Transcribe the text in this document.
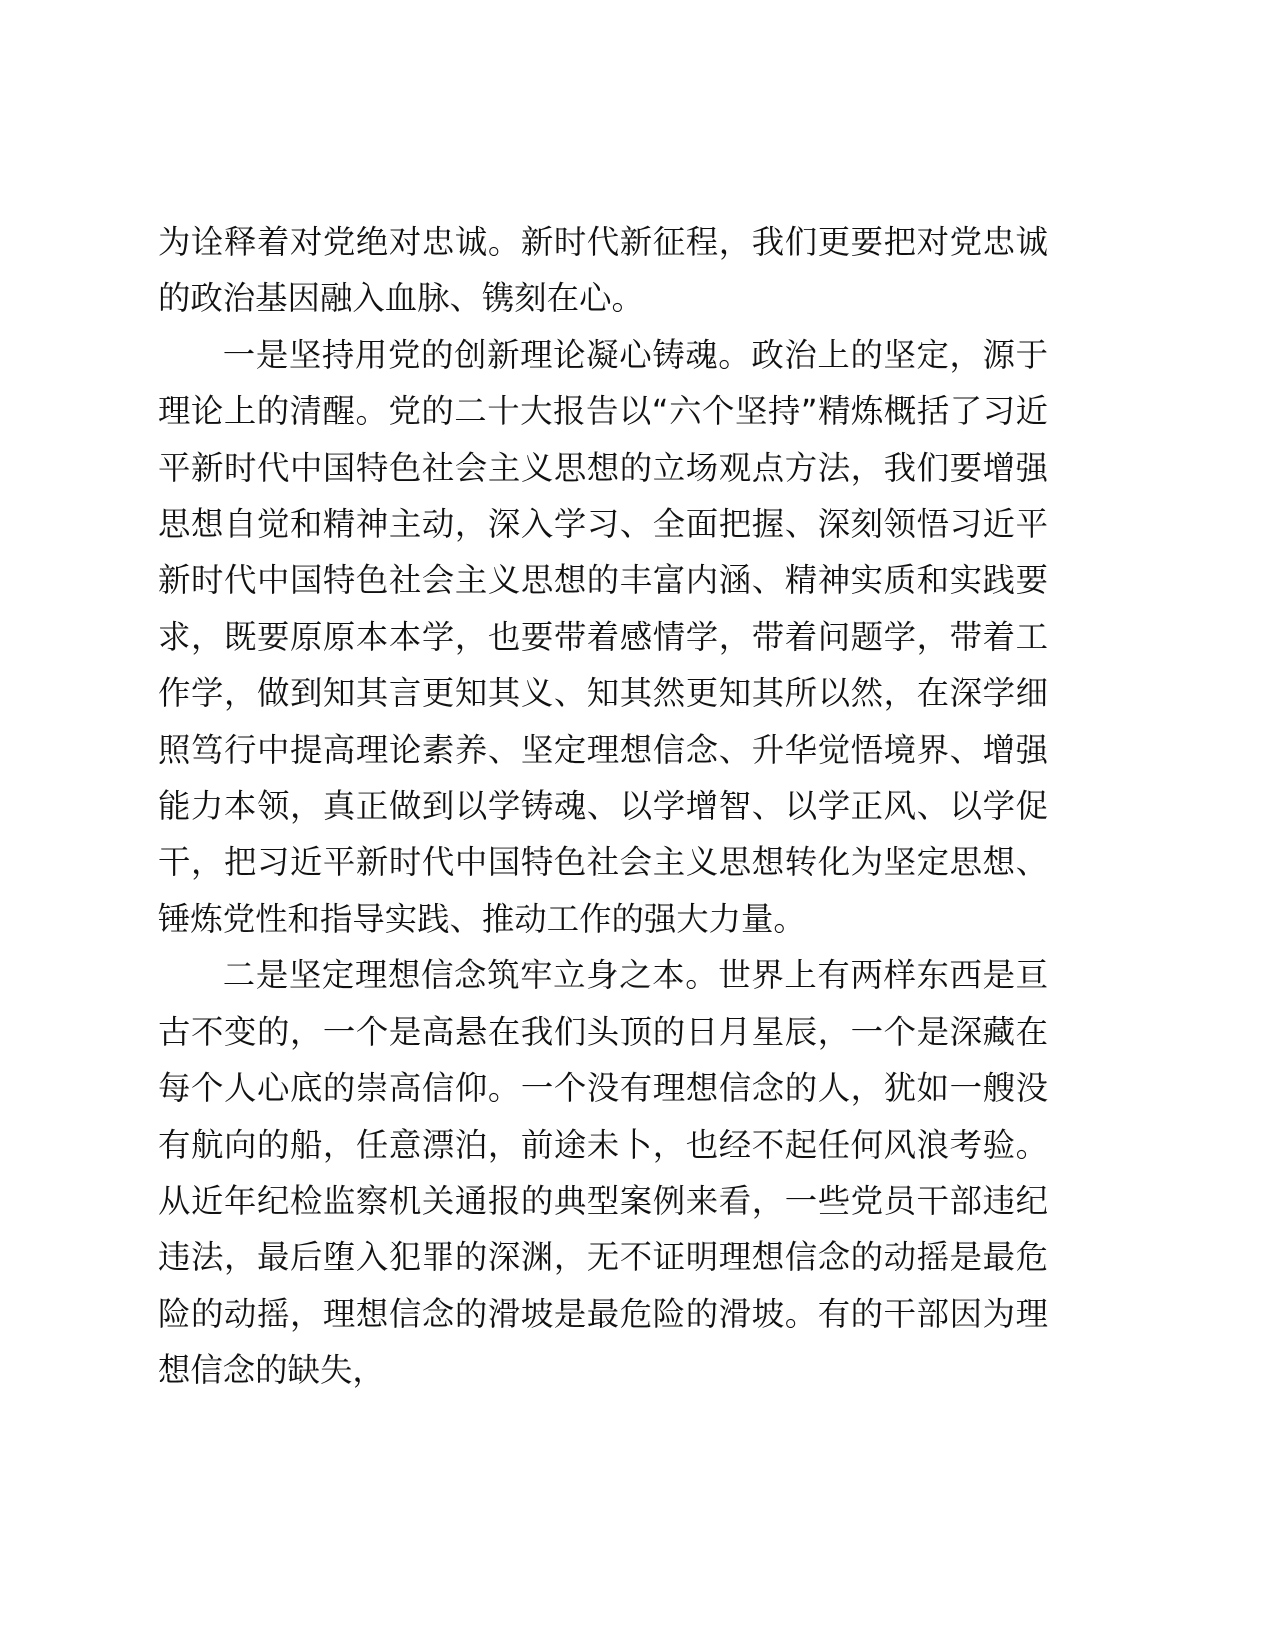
为诠释着对党绝对忠诚。新时代新征程，我们更要把对党忠诚的政治基因融入血脉、镌刻在心。

一是坚持用党的创新理论凝心铸魂。政治上的坚定，源于理论上的清醒。党的二十大报告以“六个坚持”精炼概括了习近平新时代中国特色社会主义思想的立场观点方法，我们要增强思想自觉和精神主动，深入学习、全面把握、深刻领悟习近平新时代中国特色社会主义思想的丰富内涵、精神实质和实践要求，既要原原本本学，也要带着感情学，带着问题学，带着工作学，做到知其言更知其义、知其然更知其所以然，在深学细照笃行中提高理论素养、坚定理想信念、升华觉悟境界、增强能力本领，真正做到以学铸魂、以学增智、以学正风、以学促干，把习近平新时代中国特色社会主义思想转化为坚定思想、锤炼党性和指导实践、推动工作的强大力量。

二是坚定理想信念筑牢立身之本。世界上有两样东西是亘古不变的，一个是高悬在我们头顶的日月星辰，一个是深藏在每个人心底的崇高信仰。一个没有理想信念的人，犹如一艘没有航向的船，任意漂泊，前途未卜，也经不起任何风浪考验。从近年纪检监察机关通报的典型案例来看，一些党员干部违纪违法，最后堕入犯罪的深渊，无不证明理想信念的动摇是最危险的动摇，理想信念的滑坡是最危险的滑坡。有的干部因为理想信念的缺失，
